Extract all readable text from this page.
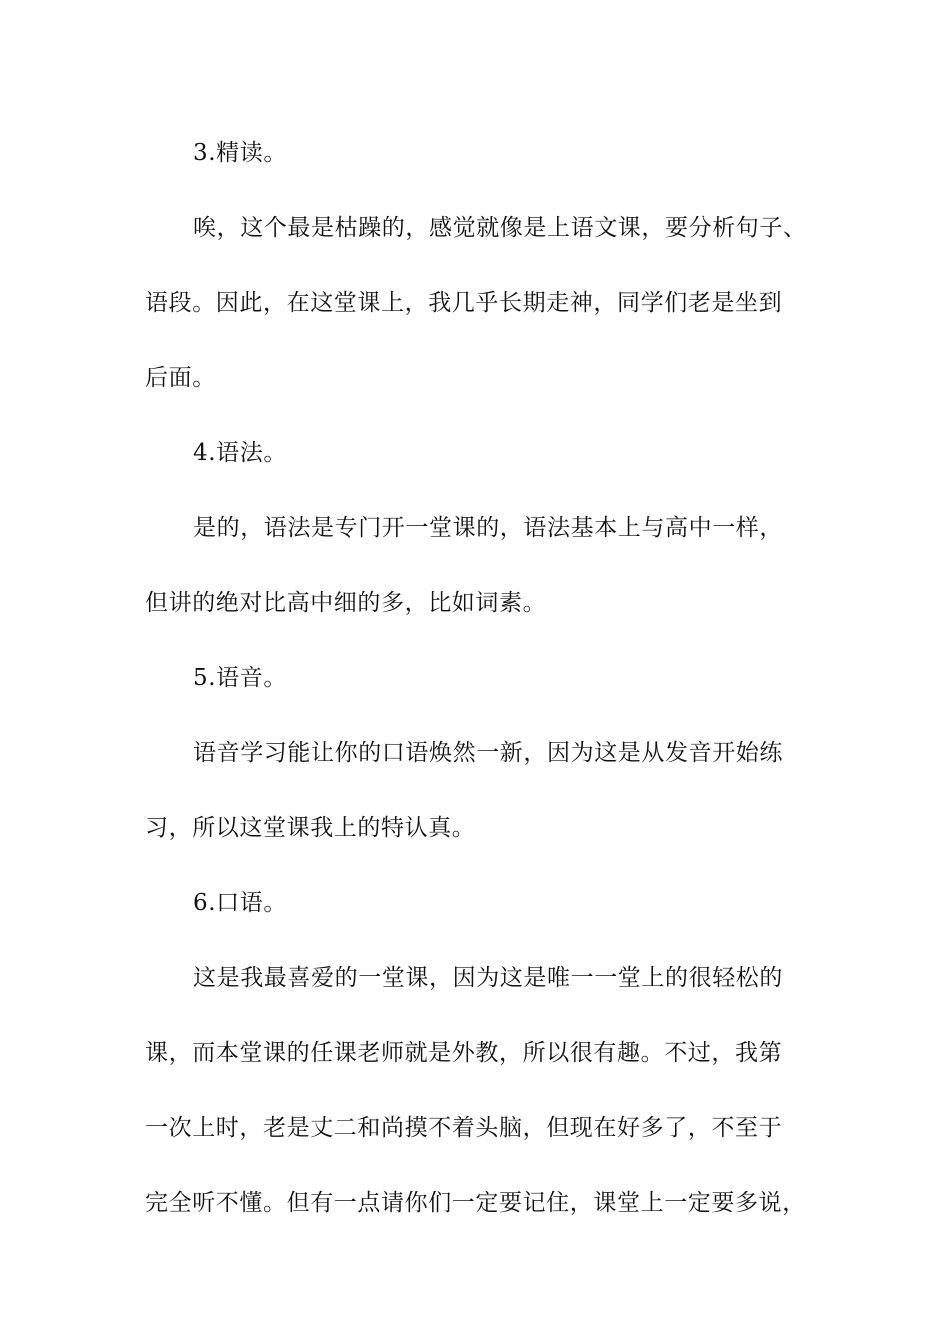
3.精读。
唉，这个最是枯躁的，感觉就像是上语文课，要分析句子、
语段。因此，在这堂课上，我几乎长期走神，同学们老是坐到
后面。
4.语法。
是的，语法是专门开一堂课的，语法基本上与高中一样，
但讲的绝对比高中细的多，比如词素。
5.语音。
语音学习能让你的口语焕然一新，因为这是从发音开始练
习，所以这堂课我上的特认真。
6.口语。
这是我最喜爱的一堂课，因为这是唯一一堂上的很轻松的
课，而本堂课的任课老师就是外教，所以很有趣。不过，我第
一次上时，老是丈二和尚摸不着头脑，但现在好多了，不至于
完全听不懂。但有一点请你们一定要记住，课堂上一定要多说，
